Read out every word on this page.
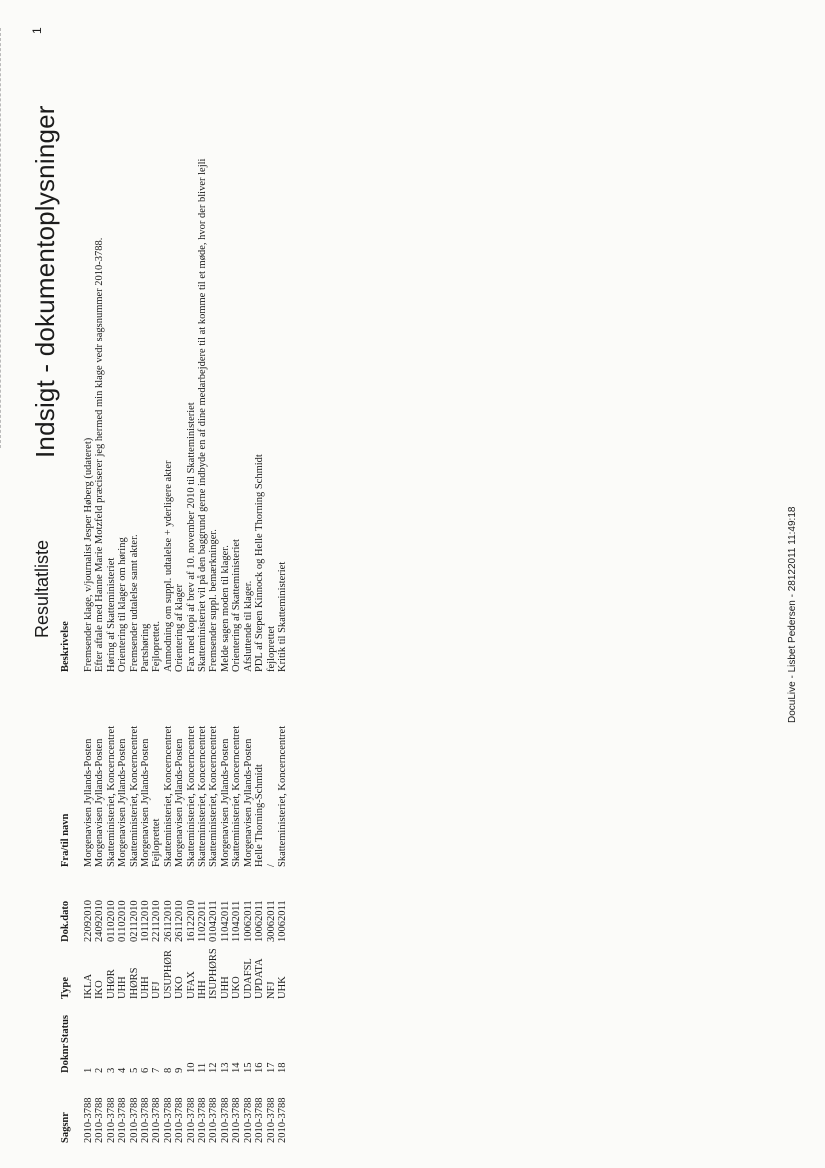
Indsigt - dokumentoplysninger
Resultatliste
1
Sagsnr	Doknr	Status	Type	Dok.dato	Fra/til navn	Beskrivelse
2010-3788	1		IKLA	22092010	Morgenavisen Jyllands-Posten	Fremsender klage, v/journalist Jesper Høberg (udateret)
2010-3788	2		IKO	24092010	Morgenavisen Jyllands-Posten	Efter aftale med Hanne Marie Motzfeld præciserer jeg hermed min klage vedr sagsnummer 2010-3788.
2010-3788	3		UHØR	01102010	Skatteministeriet, Koncerncentret	Høring af Skatteministeriet
2010-3788	4		UHH	01102010	Morgenavisen Jyllands-Posten	Orientering til klager om høring
2010-3788	5		IHØRS	02112010	Skatteministeriet, Koncerncentret	Fremsender udtalelse samt akter.
2010-3788	6		UHH	10112010	Morgenavisen Jyllands-Posten	Partshøring
2010-3788	7		UFJ	22112010	Fejloprettet	Fejloprettet.
2010-3788	8		USUPHØR	26112010	Skatteministeriet, Koncerncentret	Anmodning om suppl. udtalelse + yderligere akter
2010-3788	9		UKO	26112010	Morgenavisen Jyllands-Posten	Orientering af klager
2010-3788	10		UFAX	16122010	Skatteministeriet, Koncerncentret	Fax med kopi af brev af 10. november 2010 til Skatteministeriet
2010-3788	11		IHH	11022011	Skatteministeriet, Koncerncentret	Skatteministeriet vil på den baggrund gerne indbyde en af dine medarbejdere til at komme til et møde, hvor der bliver lejli
2010-3788	12		ISUPHØRS	01042011	Skatteministeriet, Koncerncentret	Fremsender suppl. bemærkninger.
2010-3788	13		UHH	11042011	Morgenavisen Jyllands-Posten	Melde sagen moden til klager.
2010-3788	14		UKO	11042011	Skatteministeriet, Koncerncentret	Orientering af Skatteministeriet
2010-3788	15		UDAFSL	10062011	Morgenavisen Jyllands-Posten	Afsluttende til klager.
2010-3788	16		UPDATA	10062011	Helle Thorning-Schmidt	PDL af Stepen Kinnock og Helle Thorning Schmidt
2010-3788	17		NFJ	30062011	/	fejloprettet
2010-3788	18		UHK	10062011	Skatteministeriet, Koncerncentret	Kritik til Skatteministeriet	DocuLive - Lisbet Pedersen - 28122011 11:49:18
